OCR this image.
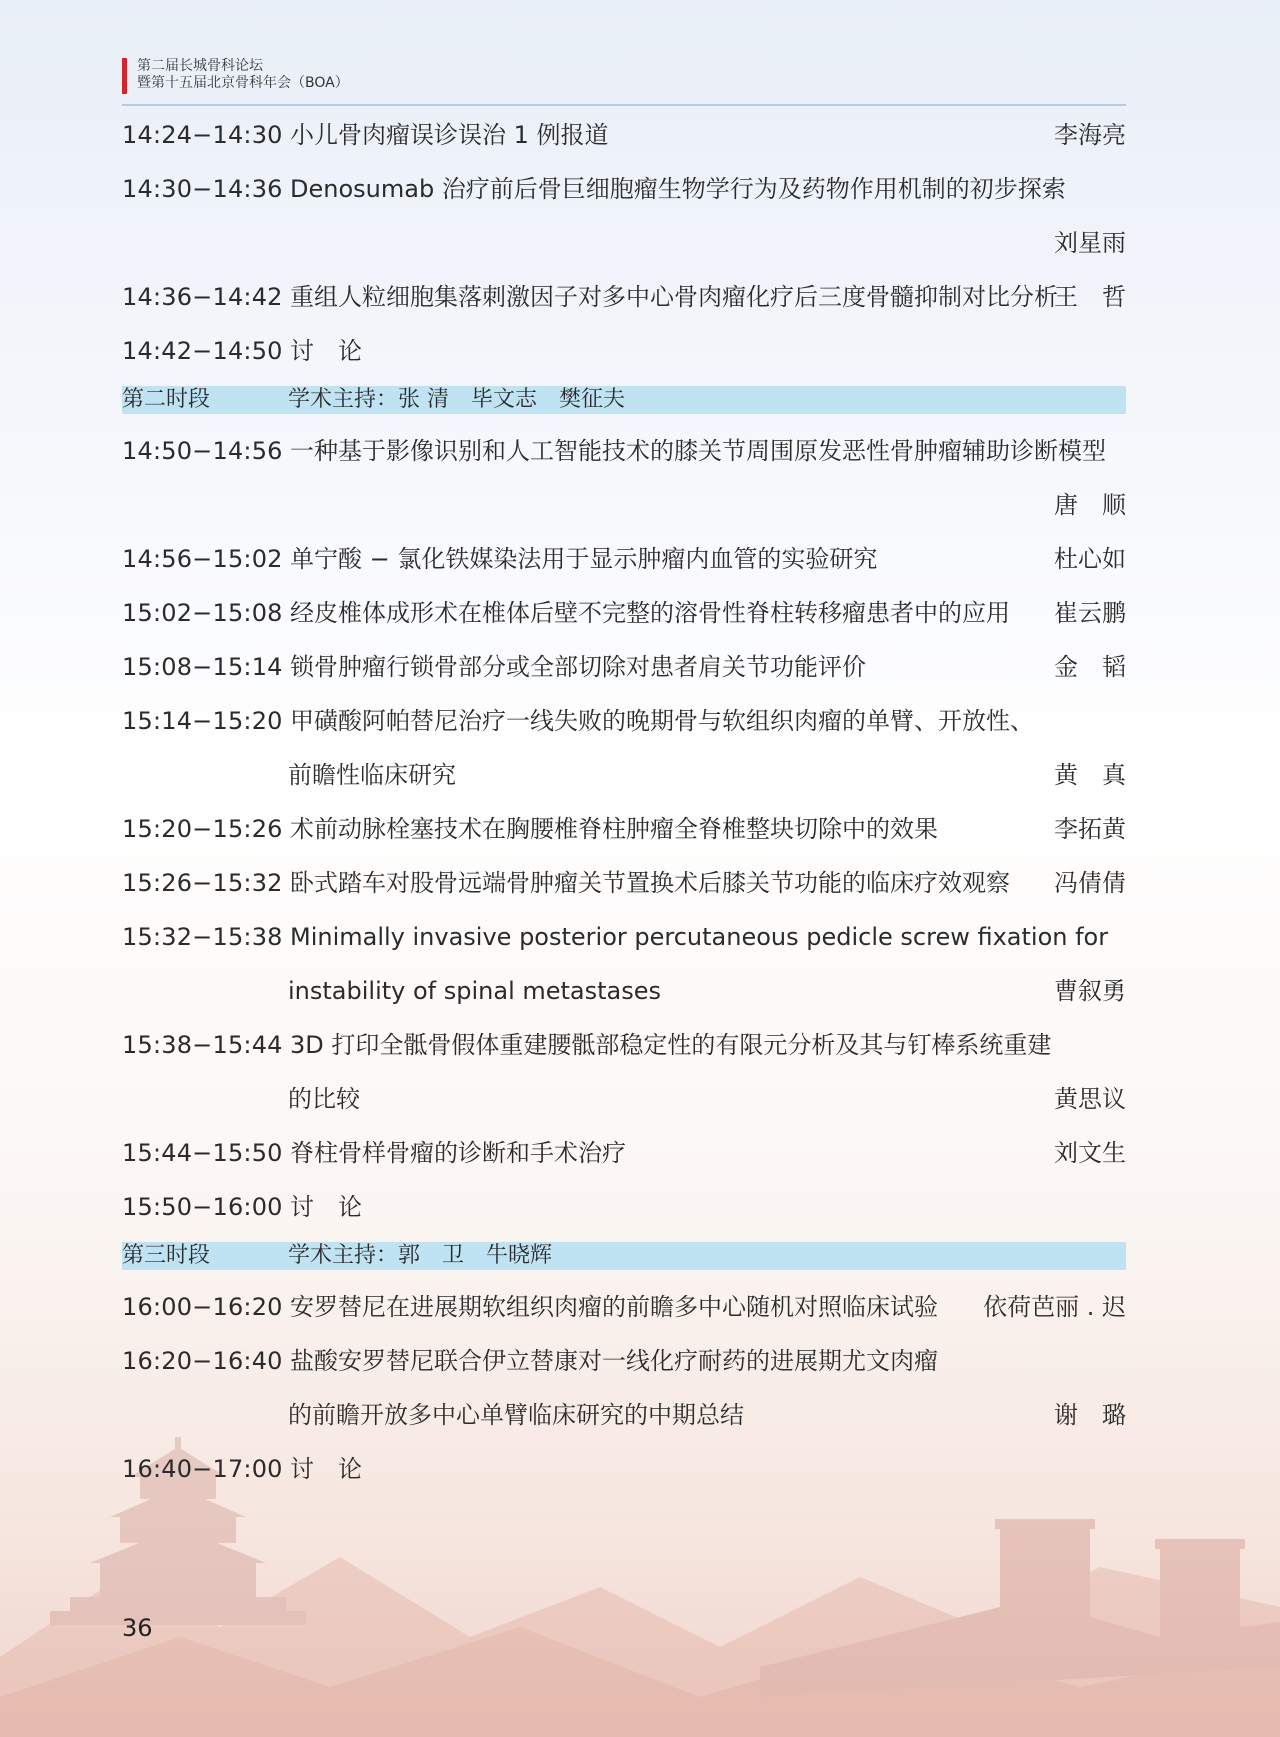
第二届长城骨科论坛
暨第十五届北京骨科年会（BOA）
14:24−14:30 小儿骨肉瘤误诊误治 1 例报道	李海亮
14:30−14:36 Denosumab 治疗前后骨巨细胞瘤生物学行为及药物作用机制的初步探索
刘星雨
14:36−14:42 重组人粒细胞集落刺激因子对多中心骨肉瘤化疗后三度骨髓抑制对比分析
王　哲
14:42−14:50 讨　论
第二时段	学术主持：张 清　毕文志　樊征夫
14:50−14:56 一种基于影像识别和人工智能技术的膝关节周围原发恶性骨肿瘤辅助诊断模型
唐　顺
14:56−15:02 单宁酸 − 氯化铁媒染法用于显示肿瘤内血管的实验研究	杜心如
15:02−15:08 经皮椎体成形术在椎体后壁不完整的溶骨性脊柱转移瘤患者中的应用 崔云鹏
15:08−15:14 锁骨肿瘤行锁骨部分或全部切除对患者肩关节功能评价	金　韬
15:14−15:20 甲磺酸阿帕替尼治疗一线失败的晚期骨与软组织肉瘤的单臂、开放性、
前瞻性临床研究	黄　真
15:20−15:26 术前动脉栓塞技术在胸腰椎脊柱肿瘤全脊椎整块切除中的效果	李拓黄
15:26−15:32 卧式踏车对股骨远端骨肿瘤关节置换术后膝关节功能的临床疗效观察 冯倩倩
15:32−15:38 Minimally invasive posterior percutaneous pedicle screw fixation for
instability of spinal metastases	曹叙勇
15:38−15:44 3D 打印全骶骨假体重建腰骶部稳定性的有限元分析及其与钉棒系统重建
的比较	黄思议
15:44−15:50 脊柱骨样骨瘤的诊断和手术治疗	刘文生
15:50−16:00 讨　论
第三时段	学术主持：郭　卫　牛晓辉
16:00−16:20 安罗替尼在进展期软组织肉瘤的前瞻多中心随机对照临床试验 依荷芭丽 . 迟
16:20−16:40 盐酸安罗替尼联合伊立替康对一线化疗耐药的进展期尤文肉瘤
的前瞻开放多中心单臂临床研究的中期总结	谢　璐
16:40−17:00 讨　论
36
